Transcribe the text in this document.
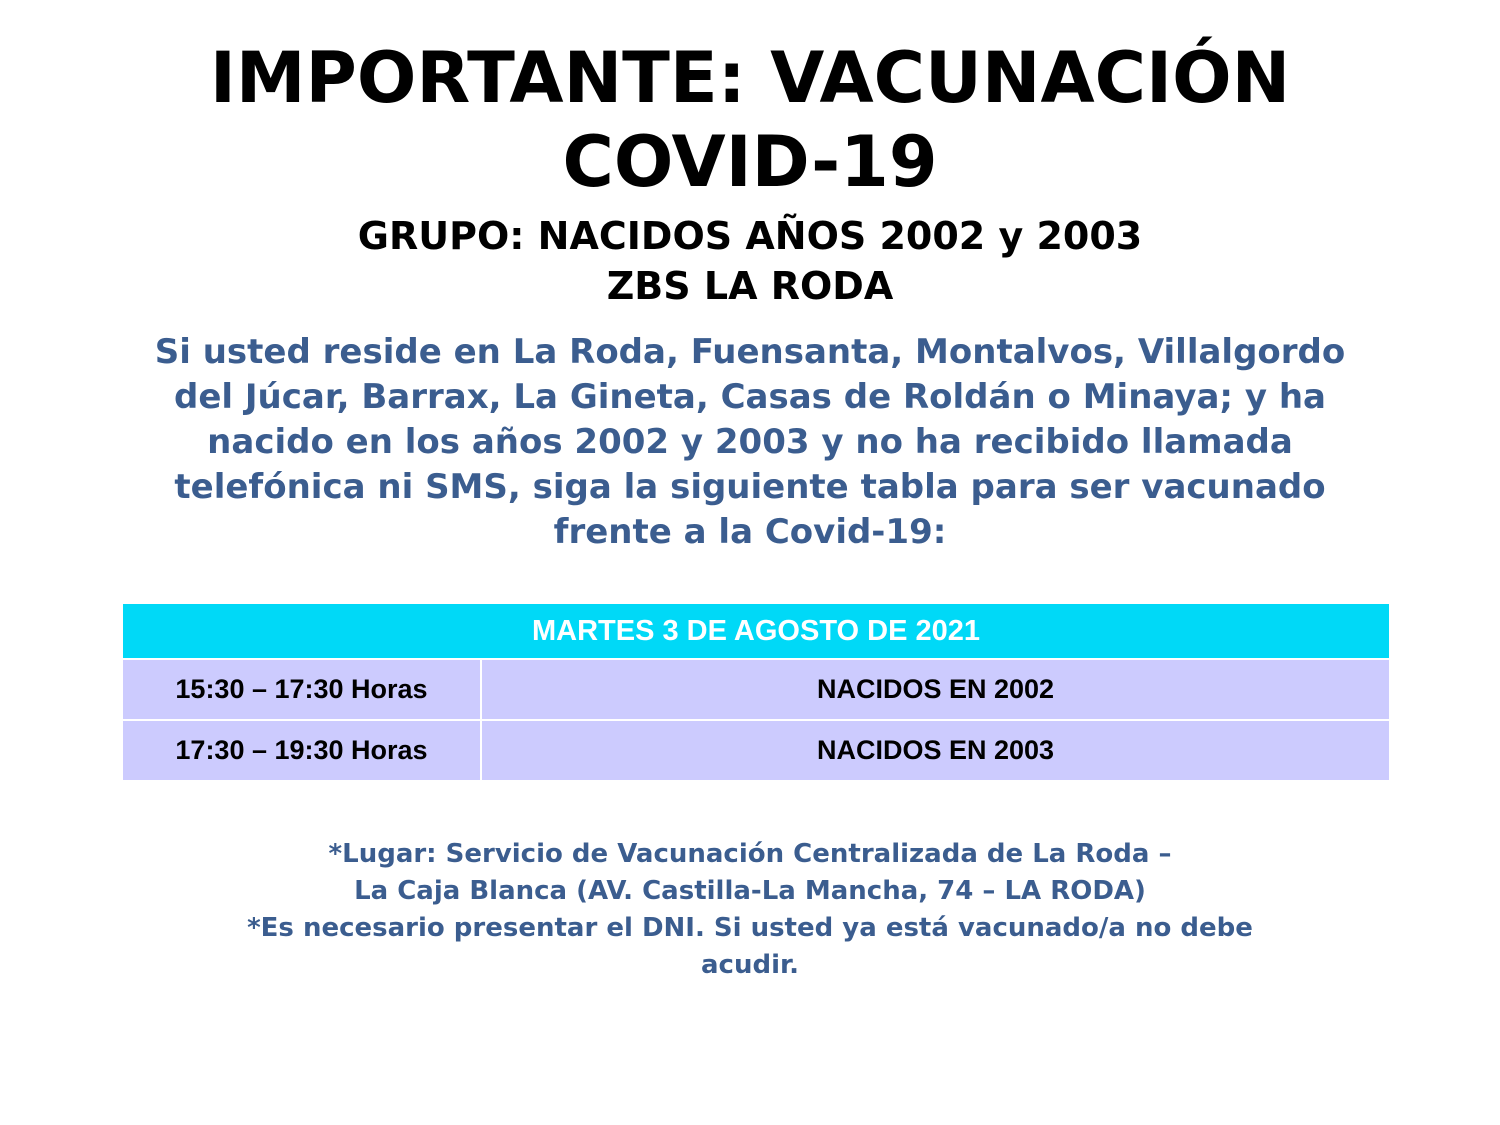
IMPORTANTE: VACUNACIÓN
COVID-19
GRUPO: NACIDOS AÑOS 2002 y 2003
ZBS LA RODA
Si usted reside en La Roda, Fuensanta, Montalvos, Villalgordo
del Júcar, Barrax, La Gineta, Casas de Roldán o Minaya; y ha
nacido en los años 2002 y 2003 y no ha recibido llamada
telefónica ni SMS, siga la siguiente tabla para ser vacunado
frente a la Covid-19:
MARTES 3 DE AGOSTO DE 2021	
15:30 – 17:30 Horas	NACIDOS EN 2002
17:30 – 19:30 Horas	NACIDOS EN 2003
*Lugar: Servicio de Vacunación Centralizada de La Roda –
La Caja Blanca (AV. Castilla-La Mancha, 74 – LA RODA)
*Es necesario presentar el DNI. Si usted ya está vacunado/a no debe
acudir.
